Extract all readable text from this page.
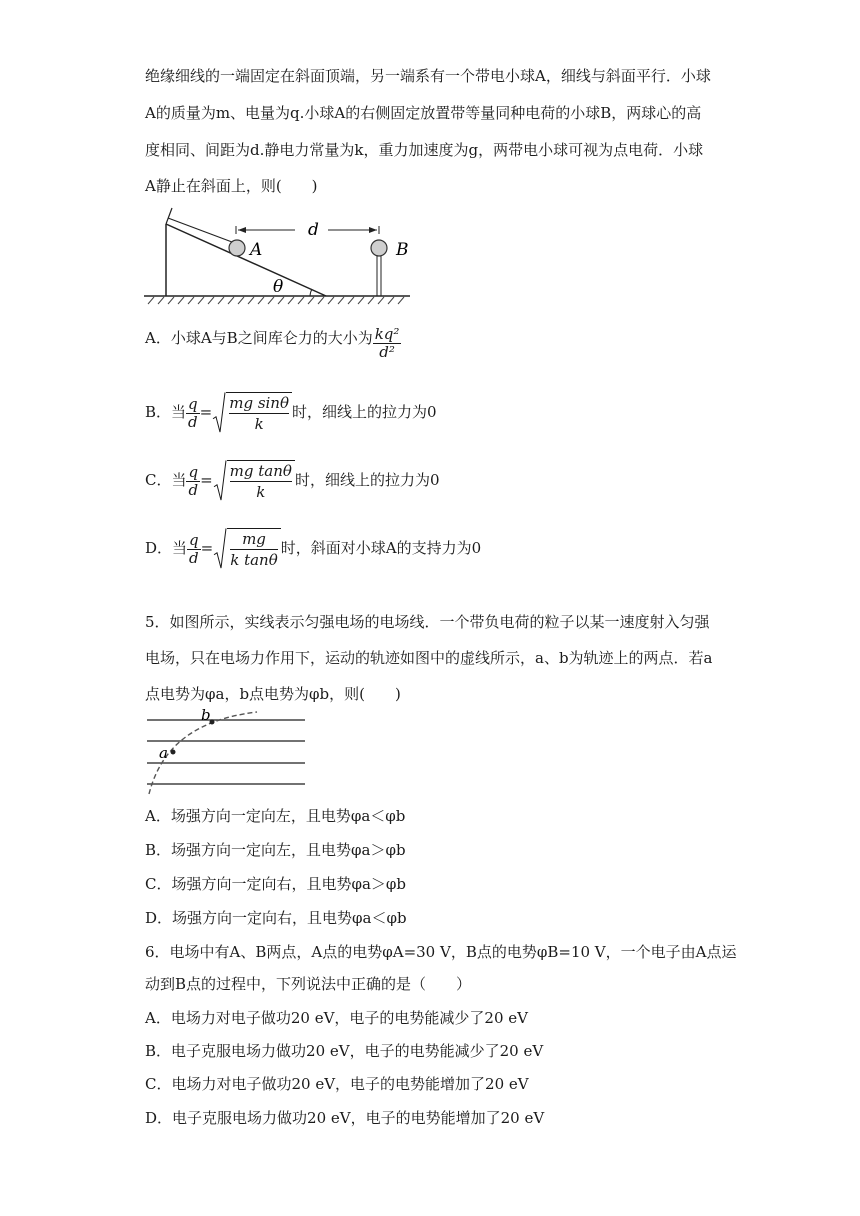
绝缘细线的一端固定在斜面顶端，另一端系有一个带电小球A，细线与斜面平行．小球
A的质量为m、电量为q.小球A的右侧固定放置带等量同种电荷的小球B，两球心的高
度相同、间距为d.静电力常量为k，重力加速度为g，两带电小球可视为点电荷．小球
A静止在斜面上，则(　　)
A
d
B
θ
A．小球A与B之间库仑力的大小为 $\frac{\text{kq²}}{\text{d²}}$
B．当 $\frac{q}{d} = \frac{\text{mg sinθ}}{k}$ 时，细线上的拉力为0
C．当 $\frac{q}{d} = \frac{\text{mg tanθ}}{k}$ 时，细线上的拉力为0
D．当 $\frac{q}{d} = \frac{mg}{\text{k tanθ}}$ 时，斜面对小球A的支持力为0
5．如图所示，实线表示匀强电场的电场线．一个带负电荷的粒子以某一速度射入匀强
电场，只在电场力作用下，运动的轨迹如图中的虚线所示，a、b为轨迹上的两点．若a
点电势为φa，b点电势为φb，则(　　)
a
b
A．场强方向一定向左，且电势φa＜φb
B．场强方向一定向左，且电势φa＞φb
C．场强方向一定向右，且电势φa＞φb
D．场强方向一定向右，且电势φa＜φb
6．电场中有A、B两点，A点的电势φA=30 V，B点的电势φB=10 V，一个电子由A点运
动到B点的过程中，下列说法中正确的是（　　）
A．电场力对电子做功20 eV，电子的电势能减少了20 eV
B．电子克服电场力做功20 eV，电子的电势能减少了20 eV
C．电场力对电子做功20 eV，电子的电势能增加了20 eV
D．电子克服电场力做功20 eV，电子的电势能增加了20 eV
